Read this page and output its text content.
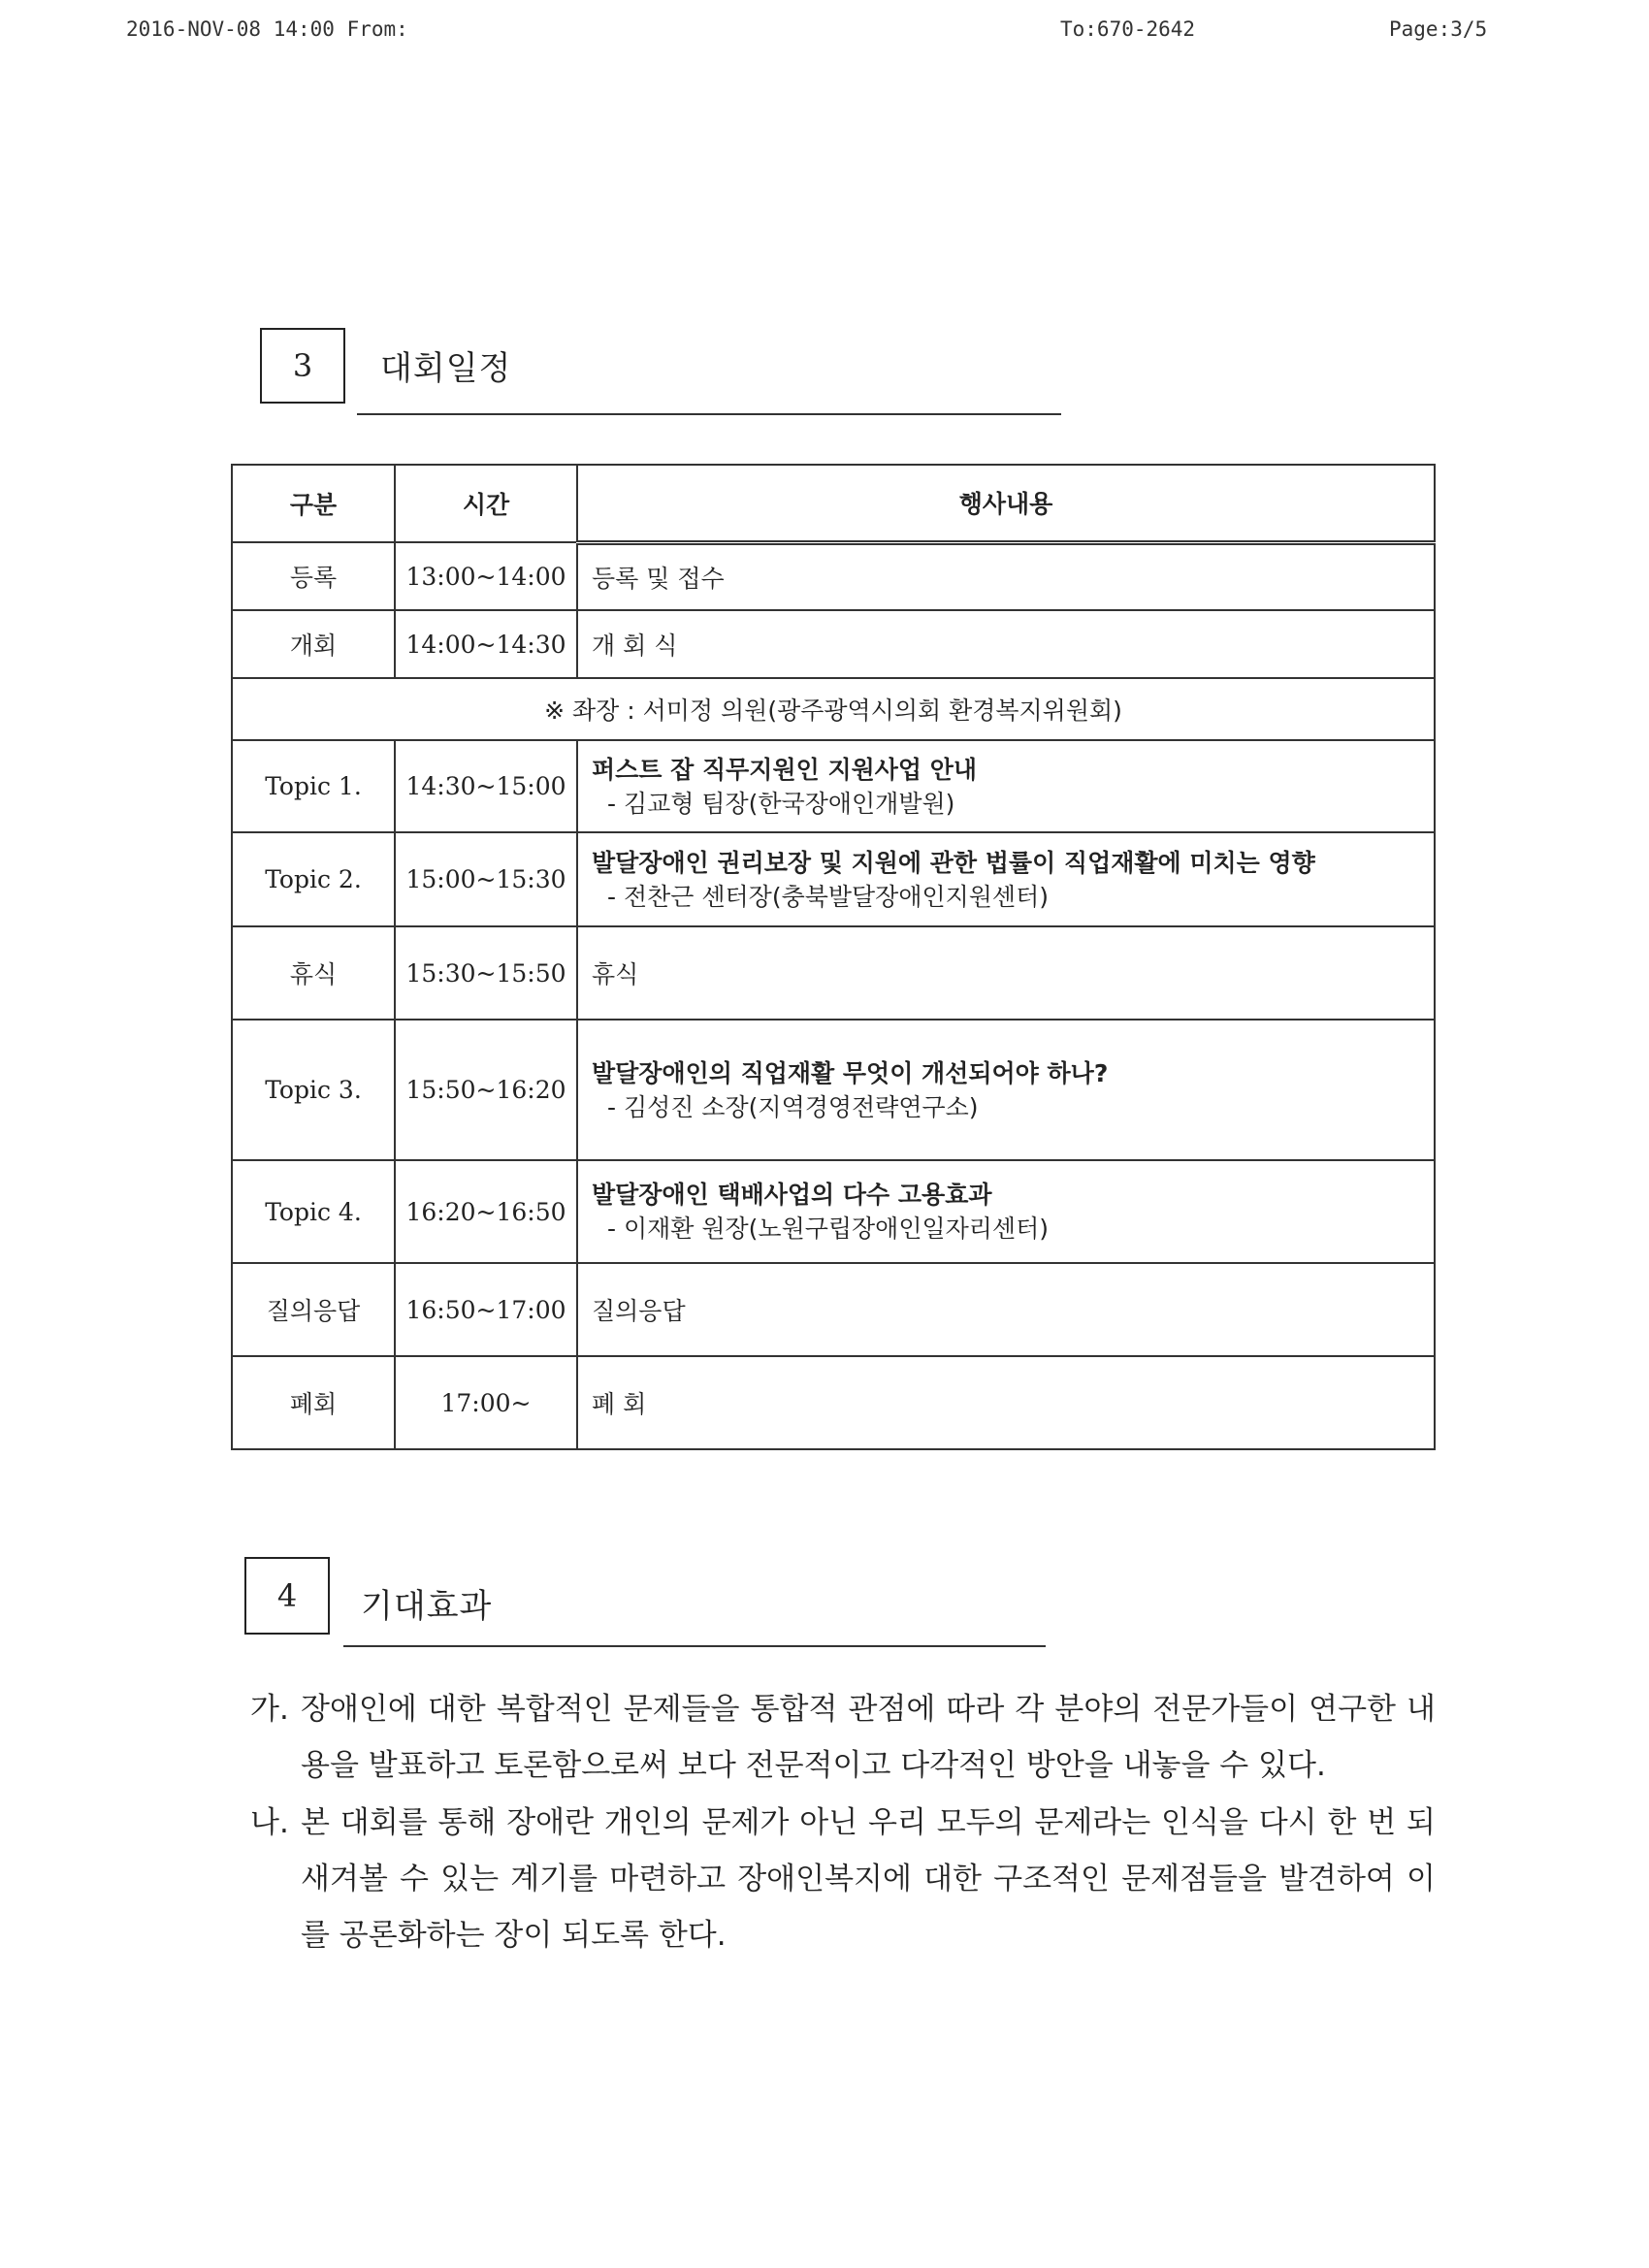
2016-NOV-08 14:00 From:	To:670-2642	Page:3/5
3	대회일정
구분	시간	행사내용
등록	13:00~14:00	등록 및 접수
개회	14:00~14:30	개 회 식
※ 좌장 : 서미정 의원(광주광역시의회 환경복지위원회)		
Topic 1.	14:30~15:00	퍼스트 잡 직무지원인 지원사업 안내
- 김교형 팀장(한국장애인개발원)

Topic 2.	15:00~15:30	발달장애인 권리보장 및 지원에 관한 법률이 직업재활에 미치는 영향
- 전찬근 센터장(충북발달장애인지원센터)

휴식	15:30~15:50	휴식
Topic 3.	15:50~16:20	발달장애인의 직업재활 무엇이 개선되어야 하나?
- 김성진 소장(지역경영전략연구소)

Topic 4.	16:20~16:50	발달장애인 택배사업의 다수 고용효과
- 이재환 원장(노원구립장애인일자리센터)

질의응답	16:50~17:00	질의응답
폐회	17:00~	폐 회
4	기대효과
가. 장애인에 대한 복합적인 문제들을 통합적 관점에 따라 각 분야의 전문가들이 연구한 내용을 발표하고 토론함으로써 보다 전문적이고 다각적인 방안을 내놓을 수 있다.
나. 본 대회를 통해 장애란 개인의 문제가 아닌 우리 모두의 문제라는 인식을 다시 한 번 되새겨볼 수 있는 계기를 마련하고 장애인복지에 대한 구조적인 문제점들을 발견하여 이를 공론화하는 장이 되도록 한다.
